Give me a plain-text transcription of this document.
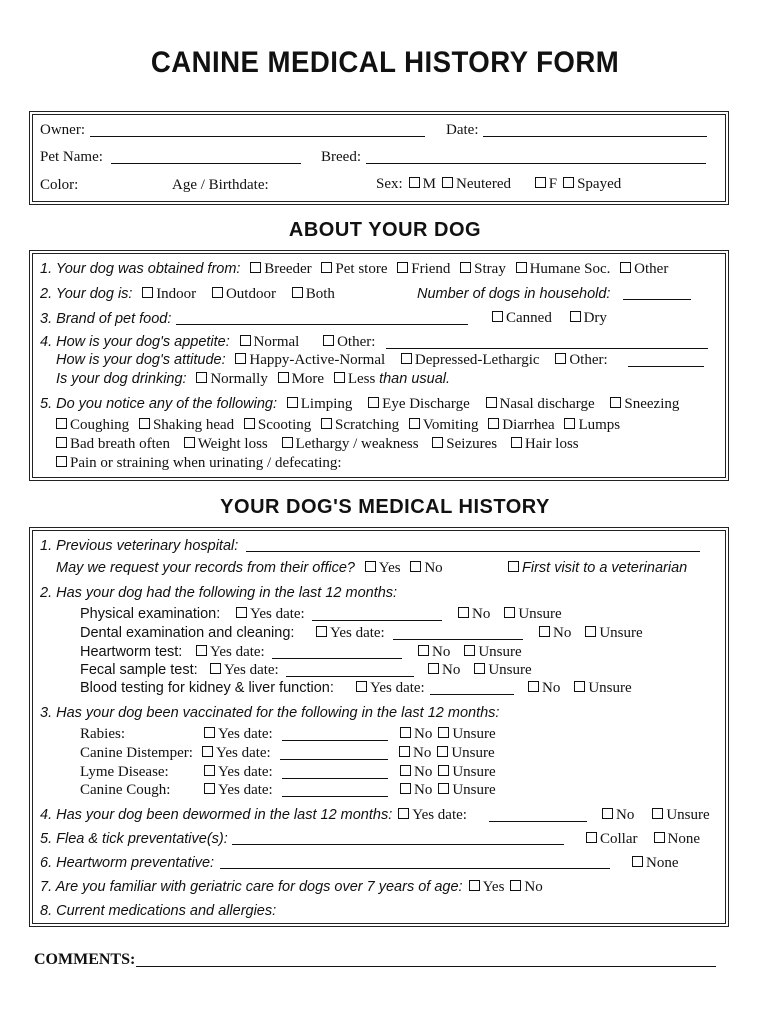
CANINE MEDICAL HISTORY FORM
Owner:	Date:
Pet Name:	Breed:
Color:	Age / Birthdate:	Sex: M Neutered	F Spayed
ABOUT YOUR DOG
1. Your dog was obtained from: Breeder Pet store Friend Stray Humane Soc. Other
2. Your dog is: Indoor Outdoor Both	Number of dogs in household:
3. Brand of pet food:	Canned Dry
4. How is your dog's appetite: Normal	Other:
How is your dog's attitude: Happy-Active-Normal Depressed-Lethargic Other:
Is your dog drinking: Normally More Less than usual.
5. Do you notice any of the following: Limping Eye Discharge Nasal discharge Sneezing
Coughing Shaking head Scooting Scratching Vomiting Diarrhea Lumps
Bad breath often Weight loss Lethargy / weakness Seizures Hair loss
Pain or straining when urinating / defecating:
YOUR DOG'S MEDICAL HISTORY
1. Previous veterinary hospital:
May we request your records from their office? Yes No	First visit to a veterinarian
2. Has your dog had the following in the last 12 months:
Physical examination:	Yes date:	No Unsure
Dental examination and cleaning:	Yes date:	No Unsure
Heartworm test:	Yes date:	No Unsure
Fecal sample test:	Yes date:	No Unsure
Blood testing for kidney & liver function:	Yes date:	No Unsure
3. Has your dog been vaccinated for the following in the last 12 months:
Rabies:	Yes date:	No Unsure
Canine Distemper:	Yes date:	No Unsure
Lyme Disease:	Yes date:	No Unsure
Canine Cough:	Yes date:	No Unsure
4. Has your dog been dewormed in the last 12 months: Yes date:	No Unsure
5. Flea & tick preventative(s):	Collar None
6. Heartworm preventative:	None
7. Are you familiar with geriatric care for dogs over 7 years of age: Yes No
8. Current medications and allergies:
COMMENTS:
